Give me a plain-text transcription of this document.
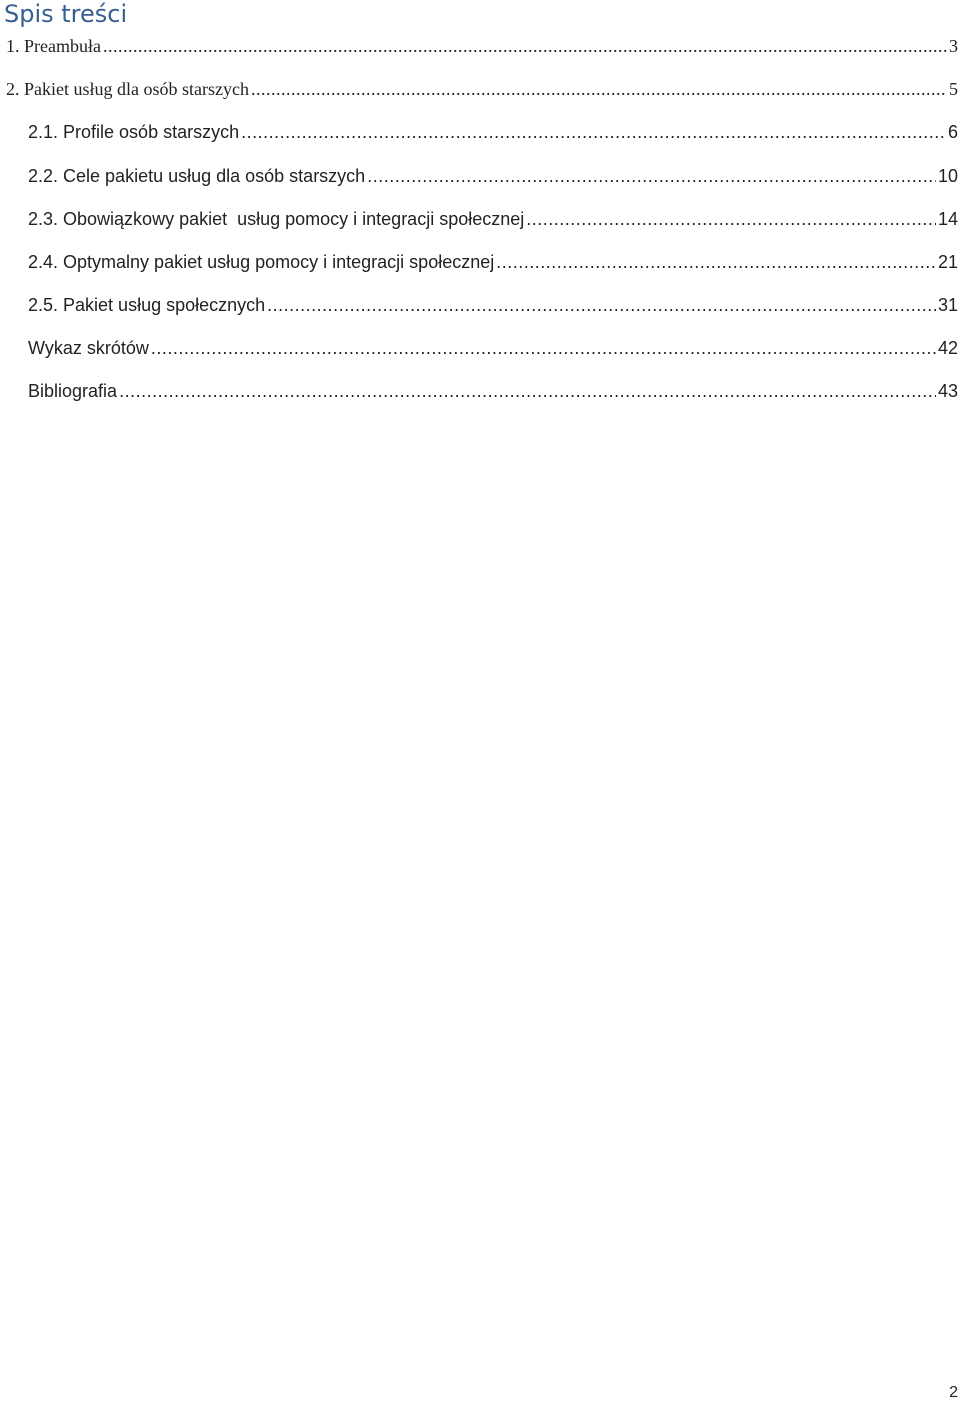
Spis treści
1. Preambuła .....	3
2. Pakiet usług dla osób starszych .....	5
2.1. Profile osób starszych .....	6
2.2. Cele pakietu usług dla osób starszych .....	10
2.3. Obowiązkowy pakiet  usług pomocy i integracji społecznej .....	14
2.4. Optymalny pakiet usług pomocy i integracji społecznej .....	21
2.5. Pakiet usług społecznych .....	31
Wykaz skrótów .....	42
Bibliografia .....	43
2
